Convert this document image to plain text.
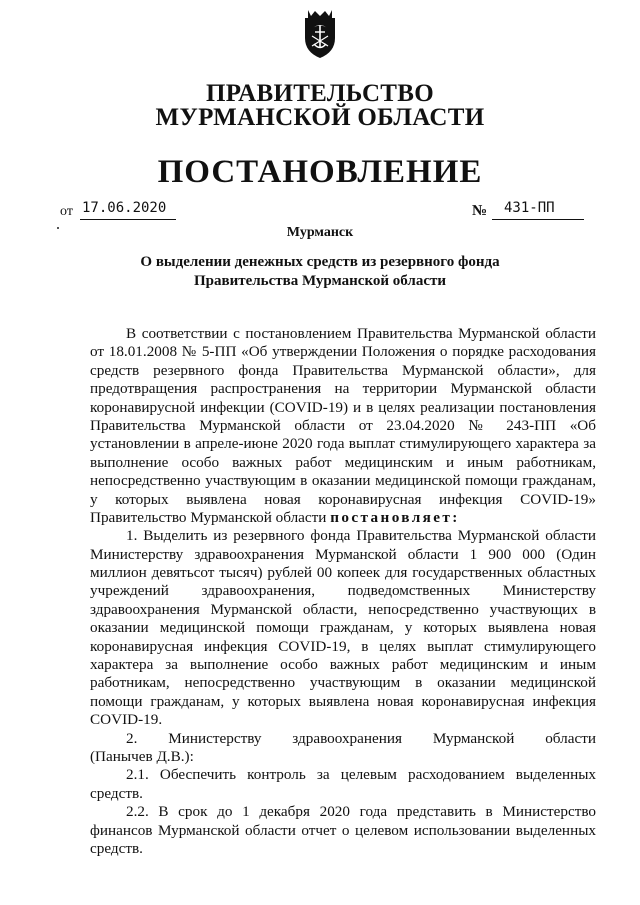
ПРАВИТЕЛЬСТВО
МУРМАНСКОЙ ОБЛАСТИ
ПОСТАНОВЛЕНИЕ
от 17.06.2020	№ 431-ПП
Мурманск
О выделении денежных средств из резервного фонда
Правительства Мурманской области
В соответствии с постановлением Правительства Мурманской области
от 18.01.2008 № 5-ПП «Об утверждении Положения о порядке расходования
средств резервного фонда Правительства Мурманской области», для
предотвращения распространения на территории Мурманской области
коронавирусной инфекции (COVID-19) и в целях реализации постановления
Правительства Мурманской области от 23.04.2020 № 243-ПП «Об
установлении в апреле-июне 2020 года выплат стимулирующего характера за
выполнение особо важных работ медицинским и иным работникам,
непосредственно участвующим в оказании медицинской помощи гражданам,
у которых выявлена новая коронавирусная инфекция COVID-19»
Правительство Мурманской области постановляет:
1. Выделить из резервного фонда Правительства Мурманской области
Министерству здравоохранения Мурманской области 1 900 000 (Один
миллион девятьсот тысяч) рублей 00 копеек для государственных областных
учреждений здравоохранения, подведомственных Министерству
здравоохранения Мурманской области, непосредственно участвующих в
оказании медицинской помощи гражданам, у которых выявлена новая
коронавирусная инфекция COVID-19, в целях выплат стимулирующего
характера за выполнение особо важных работ медицинским и иным
работникам, непосредственно участвующим в оказании медицинской
помощи гражданам, у которых выявлена новая коронавирусная инфекция
COVID-19.
2. Министерству здравоохранения Мурманской области
(Панычев Д.В.):
2.1. Обеспечить контроль за целевым расходованием выделенных
средств.
2.2. В срок до 1 декабря 2020 года представить в Министерство
финансов Мурманской области отчет о целевом использовании выделенных
средств.
